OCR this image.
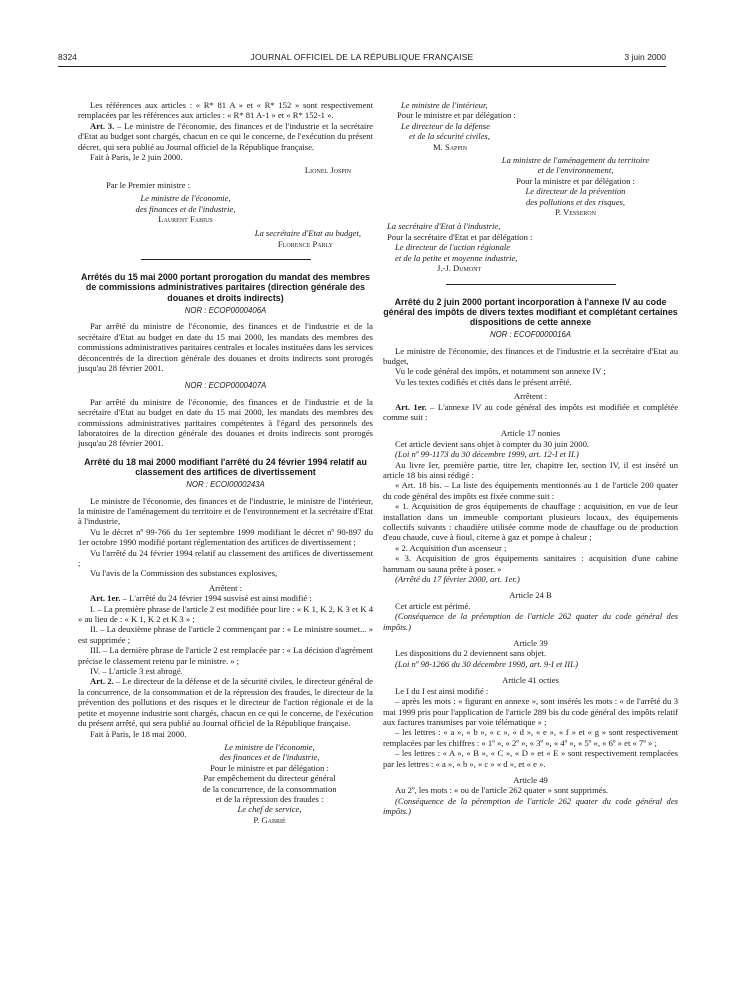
8324	JOURNAL OFFICIEL DE LA RÉPUBLIQUE FRANÇAISE	3 juin 2000

Les références aux articles : « R* 81 A » et « R* 152 » sont respectivement remplacées par les références aux articles : « R* 81 A-1 » et « R* 152-1 ».

Art. 3. – Le ministre de l'économie, des finances et de l'industrie et la secrétaire d'Etat au budget sont chargés, chacun en ce qui le concerne, de l'exécution du présent décret, qui sera publié au Journal officiel de la République française.

Fait à Paris, le 2 juin 2000.

Lionel Jospin

Par le Premier ministre :

Le ministre de l'économie,

des finances et de l'industrie,

Laurent Fabius

La secrétaire d'Etat au budget,

Florence Parly

Arrêtés du 15 mai 2000 portant prorogation du mandat des membres de commissions administratives paritaires (direction générale des douanes et droits indirects)

NOR : ECOP0000406A

Par arrêté du ministre de l'économie, des finances et de l'industrie et de la secrétaire d'Etat au budget en date du 15 mai 2000, les mandats des membres des commissions administratives paritaires centrales et locales instituées dans les services déconcentrés de la direction générale des douanes et droits indirects sont prorogés jusqu'au 28 février 2001.

NOR : ECOP0000407A

Par arrêté du ministre de l'économie, des finances et de l'industrie et de la secrétaire d'Etat au budget en date du 15 mai 2000, les mandats des membres des commissions administratives paritaires compétentes à l'égard des personnels des laboratoires de la direction générale des douanes et droits indirects sont prorogés jusqu'au 28 février 2001.

Arrêté du 18 mai 2000 modifiant l'arrêté du 24 février 1994 relatif au classement des artifices de divertissement

NOR : ECOI0000243A

Le ministre de l'économie, des finances et de l'industrie, le ministre de l'intérieur, la ministre de l'aménagement du territoire et de l'environnement et la secrétaire d'Etat à l'industrie,

Vu le décret nº 99-766 du 1er septembre 1999 modifiant le décret nº 90-897 du 1er octobre 1990 modifié portant réglementation des artifices de divertissement ;

Vu l'arrêté du 24 février 1994 relatif au classement des artifices de divertissement ;

Vu l'avis de la Commission des substances explosives,

Arrêtent :

Art. 1er. – L'arrêté du 24 février 1994 susvisé est ainsi modifié :

I. – La première phrase de l'article 2 est modifiée pour lire : « K 1, K 2, K 3 et K 4 » au lieu de : « K 1, K 2 et K 3 » ;

II. – La deuxième phrase de l'article 2 commençant par : « Le ministre soumet... » est supprimée ;

III. – La dernière phrase de l'article 2 est remplacée par : « La décision d'agrément précise le classement retenu par le ministre. » ;

IV. – L'article 3 est abrogé.

Art. 2. – Le directeur de la défense et de la sécurité civiles, le directeur général de la concurrence, de la consommation et de la répression des fraudes, le directeur de la prévention des pollutions et des risques et le directeur de l'action régionale et de la petite et moyenne industrie sont chargés, chacun en ce qui le concerne, de l'exécution du présent arrêté, qui sera publié au Journal officiel de la République française.

Fait à Paris, le 18 mai 2000.

Le ministre de l'économie,

des finances et de l'industrie,

Pour le ministre et par délégation :

Par empêchement du directeur général

de la concurrence, de la consommation

et de la répression des fraudes :

Le chef de service,

P. Gabrié

Le ministre de l'intérieur,

Pour le ministre et par délégation :

Le directeur de la défense

et de la sécurité civiles,

M. Sappin

La ministre de l'aménagement du territoire

et de l'environnement,

Pour la ministre et par délégation :

Le directeur de la prévention

des pollutions et des risques,

P. Vesseron

La secrétaire d'Etat à l'industrie,

Pour la secrétaire d'Etat et par délégation :

Le directeur de l'action régionale

et de la petite et moyenne industrie,

J.-J. Dumont

Arrêté du 2 juin 2000 portant incorporation à l'annexe IV au code général des impôts de divers textes modifiant et complétant certaines dispositions de cette annexe

NOR : ECOF0000016A

Le ministre de l'économie, des finances et de l'industrie et la secrétaire d'Etat au budget,

Vu le code général des impôts, et notamment son annexe IV ;

Vu les textes codifiés et cités dans le présent arrêté.

Arrêtent :

Art. 1er. – L'annexe IV au code général des impôts est modifiée et complétée comme suit :

Article 17 nonies

Cet article devient sans objet à compter du 30 juin 2000.

(Loi nº 99-1173 du 30 décembre 1999, art. 12-I et II.)

Au livre Ier, première partie, titre Ier, chapitre Ier, section IV, il est inséré un article 18 bis ainsi rédigé :

« Art. 18 bis. – La liste des équipements mentionnés au 1 de l'article 200 quater du code général des impôts est fixée comme suit :

« 1. Acquisition de gros équipements de chauffage : acquisition, en vue de leur installation dans un immeuble comportant plusieurs locaux, des équipements collectifs suivants : chaudière utilisée comme mode de chauffage ou de production d'eau chaude, cuve à fioul, citerne à gaz et pompe à chaleur ;

« 2. Acquisition d'un ascenseur ;

« 3. Acquisition de gros équipements sanitaires : acquisition d'une cabine hammam ou sauna prête à poser. »

(Arrêté du 17 février 2000, art. 1er.)

Article 24 B

Cet article est périmé.

(Conséquence de la préemption de l'article 262 quater du code général des impôts.)

Article 39

Les dispositions du 2 deviennent sans objet.

(Loi nº 98-1266 du 30 décembre 1998, art. 9-I et III.)

Article 41 octies

Le I du I est ainsi modifié :

– après les mots : « figurant en annexe », sont insérés les mots : « de l'arrêté du 3 mai 1999 pris pour l'application de l'article 289 bis du code général des impôts relatif aux factures transmises par voie télématique » ;

– les lettres : « a », « b », « c », « d », « e », « f » et « g » sont respectivement remplacées par les chiffres : « 1º », « 2º », « 3º », « 4º », « 5º », « 6º » et « 7º » ;

– les lettres : « A », « B », « C », « D » et « E » sont respectivement remplacées par les lettres : « a », « b », « c » « d », et « e ».

Article 49

Au 2º, les mots : « ou de l'article 262 quater » sont supprimés.

(Conséquence de la péremption de l'article 262 quater du code général des impôts.)
